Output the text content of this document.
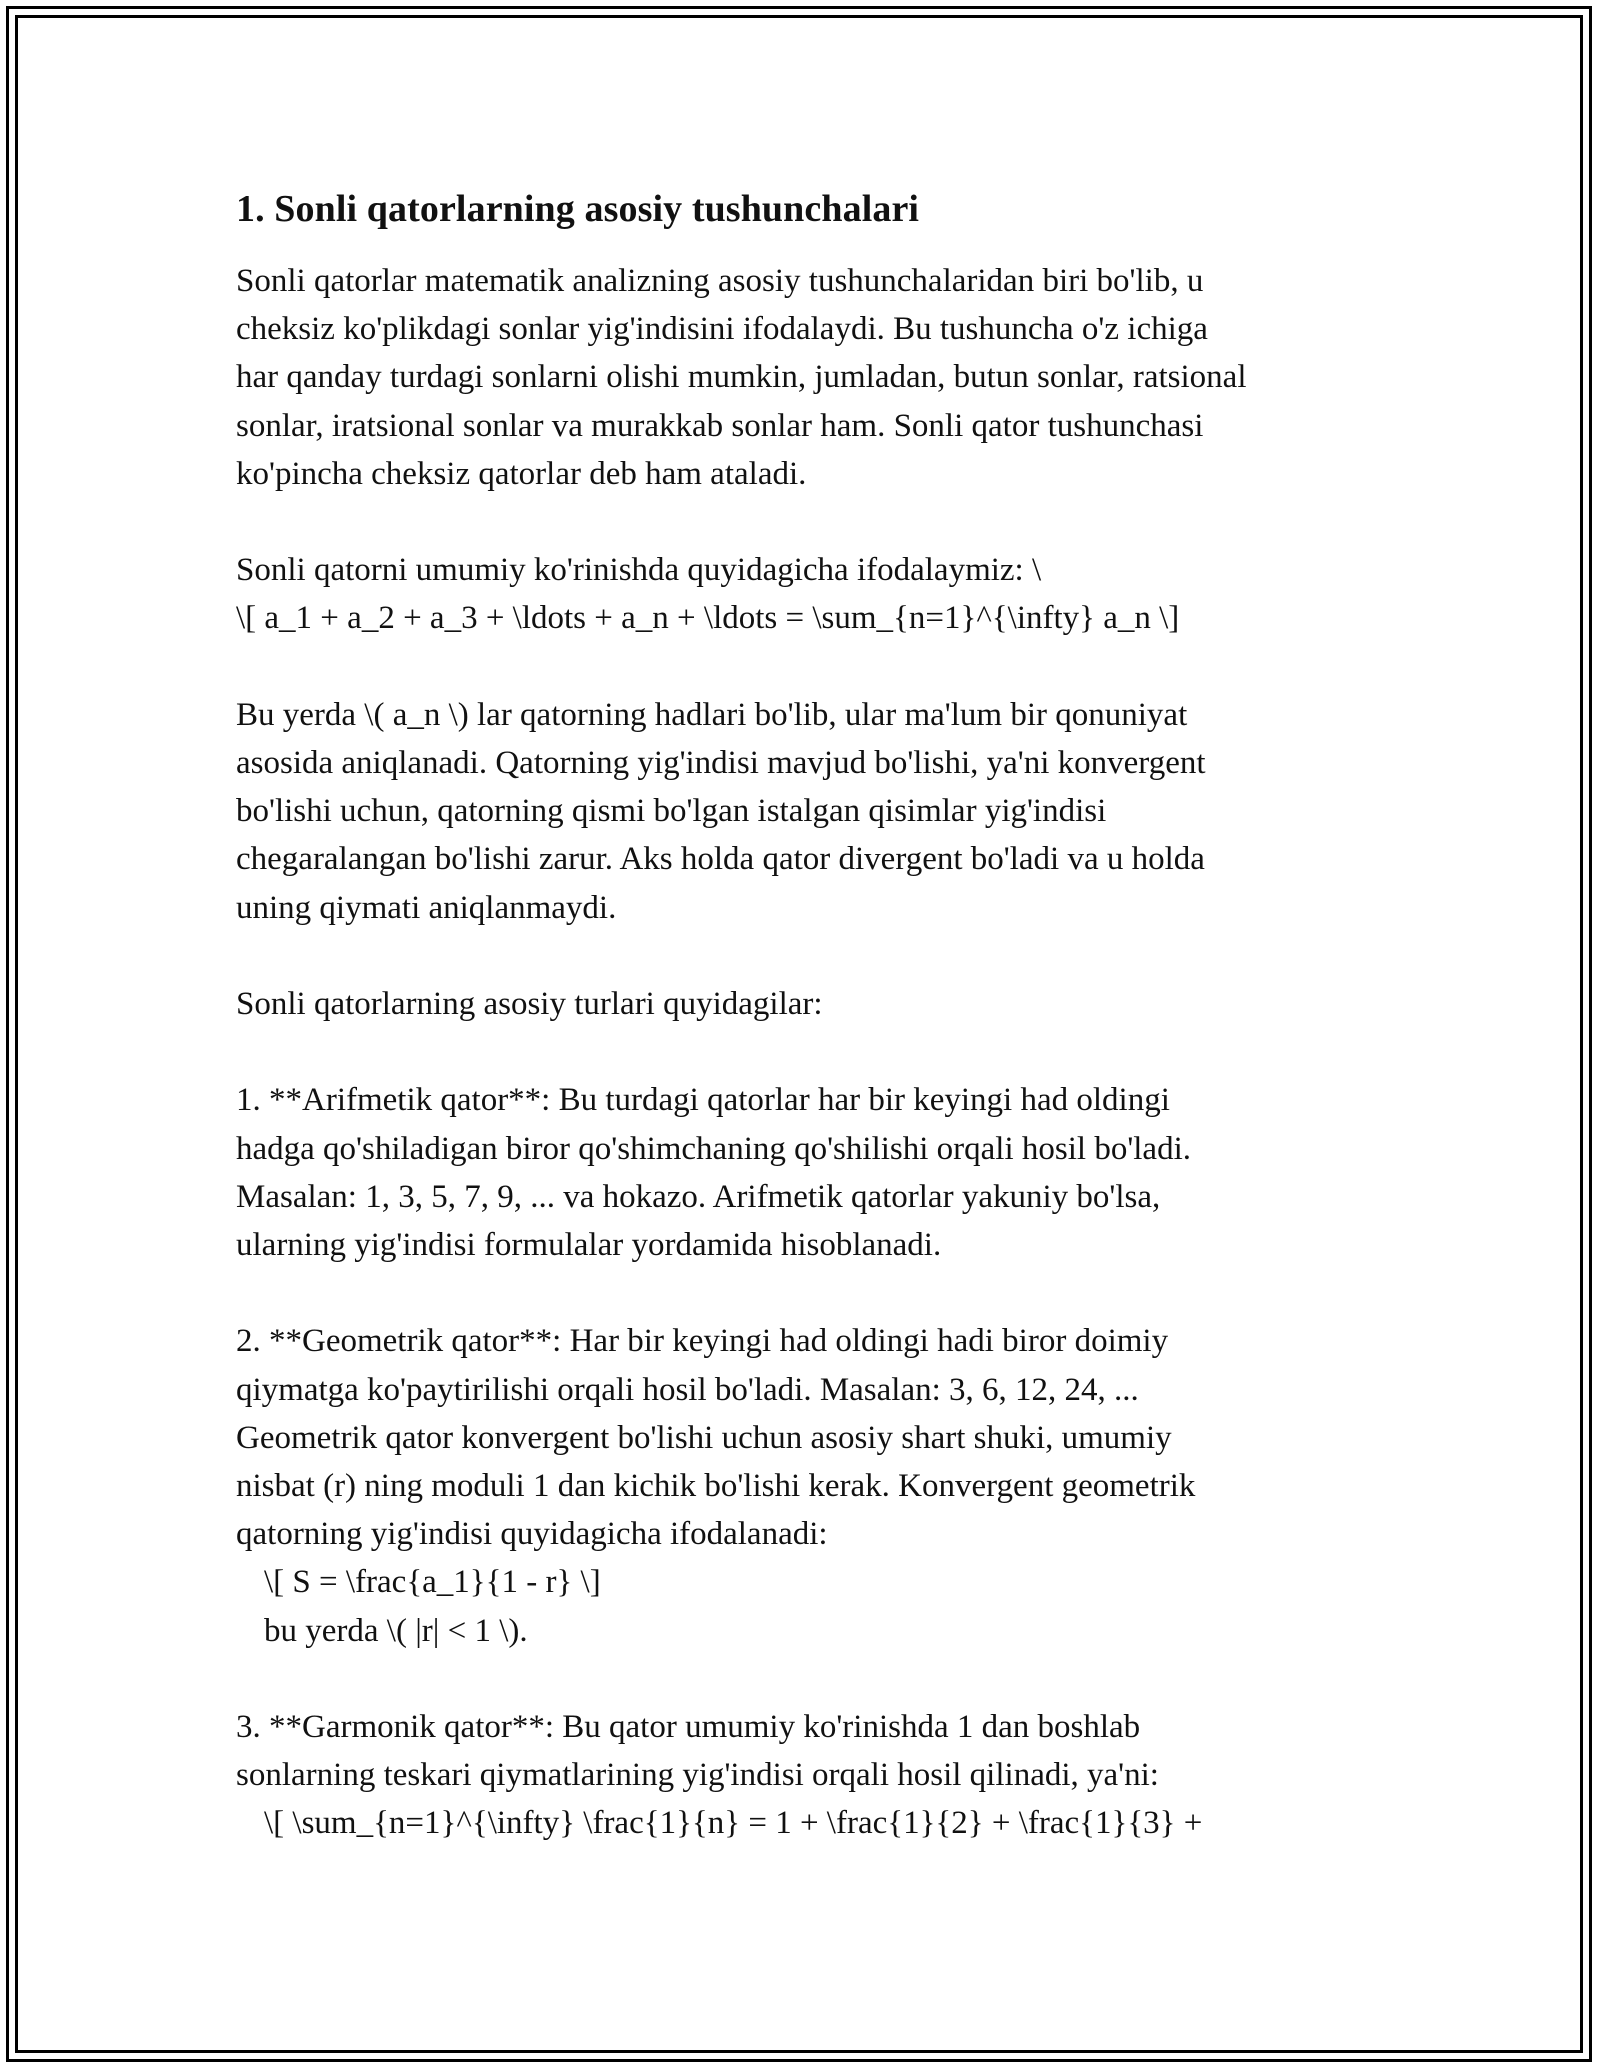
1. Sonli qatorlarning asosiy tushunchalari
Sonli qatorlar matematik analizning asosiy tushunchalaridan biri bo'lib, u
cheksiz ko'plikdagi sonlar yig'indisini ifodalaydi. Bu tushuncha o'z ichiga
har qanday turdagi sonlarni olishi mumkin, jumladan, butun sonlar, ratsional
sonlar, iratsional sonlar va murakkab sonlar ham. Sonli qator tushunchasi
ko'pincha cheksiz qatorlar deb ham ataladi.
Sonli qatorni umumiy ko'rinishda quyidagicha ifodalaymiz: \
\[ a_1 + a_2 + a_3 + \ldots + a_n + \ldots = \sum_{n=1}^{\infty} a_n \]
Bu yerda \( a_n \) lar qatorning hadlari bo'lib, ular ma'lum bir qonuniyat
asosida aniqlanadi. Qatorning yig'indisi mavjud bo'lishi, ya'ni konvergent
bo'lishi uchun, qatorning qismi bo'lgan istalgan qisimlar yig'indisi
chegaralangan bo'lishi zarur. Aks holda qator divergent bo'ladi va u holda
uning qiymati aniqlanmaydi.
Sonli qatorlarning asosiy turlari quyidagilar:
1. **Arifmetik qator**: Bu turdagi qatorlar har bir keyingi had oldingi
hadga qo'shiladigan biror qo'shimchaning qo'shilishi orqali hosil bo'ladi.
Masalan: 1, 3, 5, 7, 9, ... va hokazo. Arifmetik qatorlar yakuniy bo'lsa,
ularning yig'indisi formulalar yordamida hisoblanadi.
2. **Geometrik qator**: Har bir keyingi had oldingi hadi biror doimiy
qiymatga ko'paytirilishi orqali hosil bo'ladi. Masalan: 3, 6, 12, 24, ...
Geometrik qator konvergent bo'lishi uchun asosiy shart shuki, umumiy
nisbat (r) ning moduli 1 dan kichik bo'lishi kerak. Konvergent geometrik
qatorning yig'indisi quyidagicha ifodalanadi:
\[ S = \frac{a_1}{1 - r} \]
bu yerda \( |r| < 1 \).
3. **Garmonik qator**: Bu qator umumiy ko'rinishda 1 dan boshlab
sonlarning teskari qiymatlarining yig'indisi orqali hosil qilinadi, ya'ni:
\[ \sum_{n=1}^{\infty} \frac{1}{n} = 1 + \frac{1}{2} + \frac{1}{3} +
